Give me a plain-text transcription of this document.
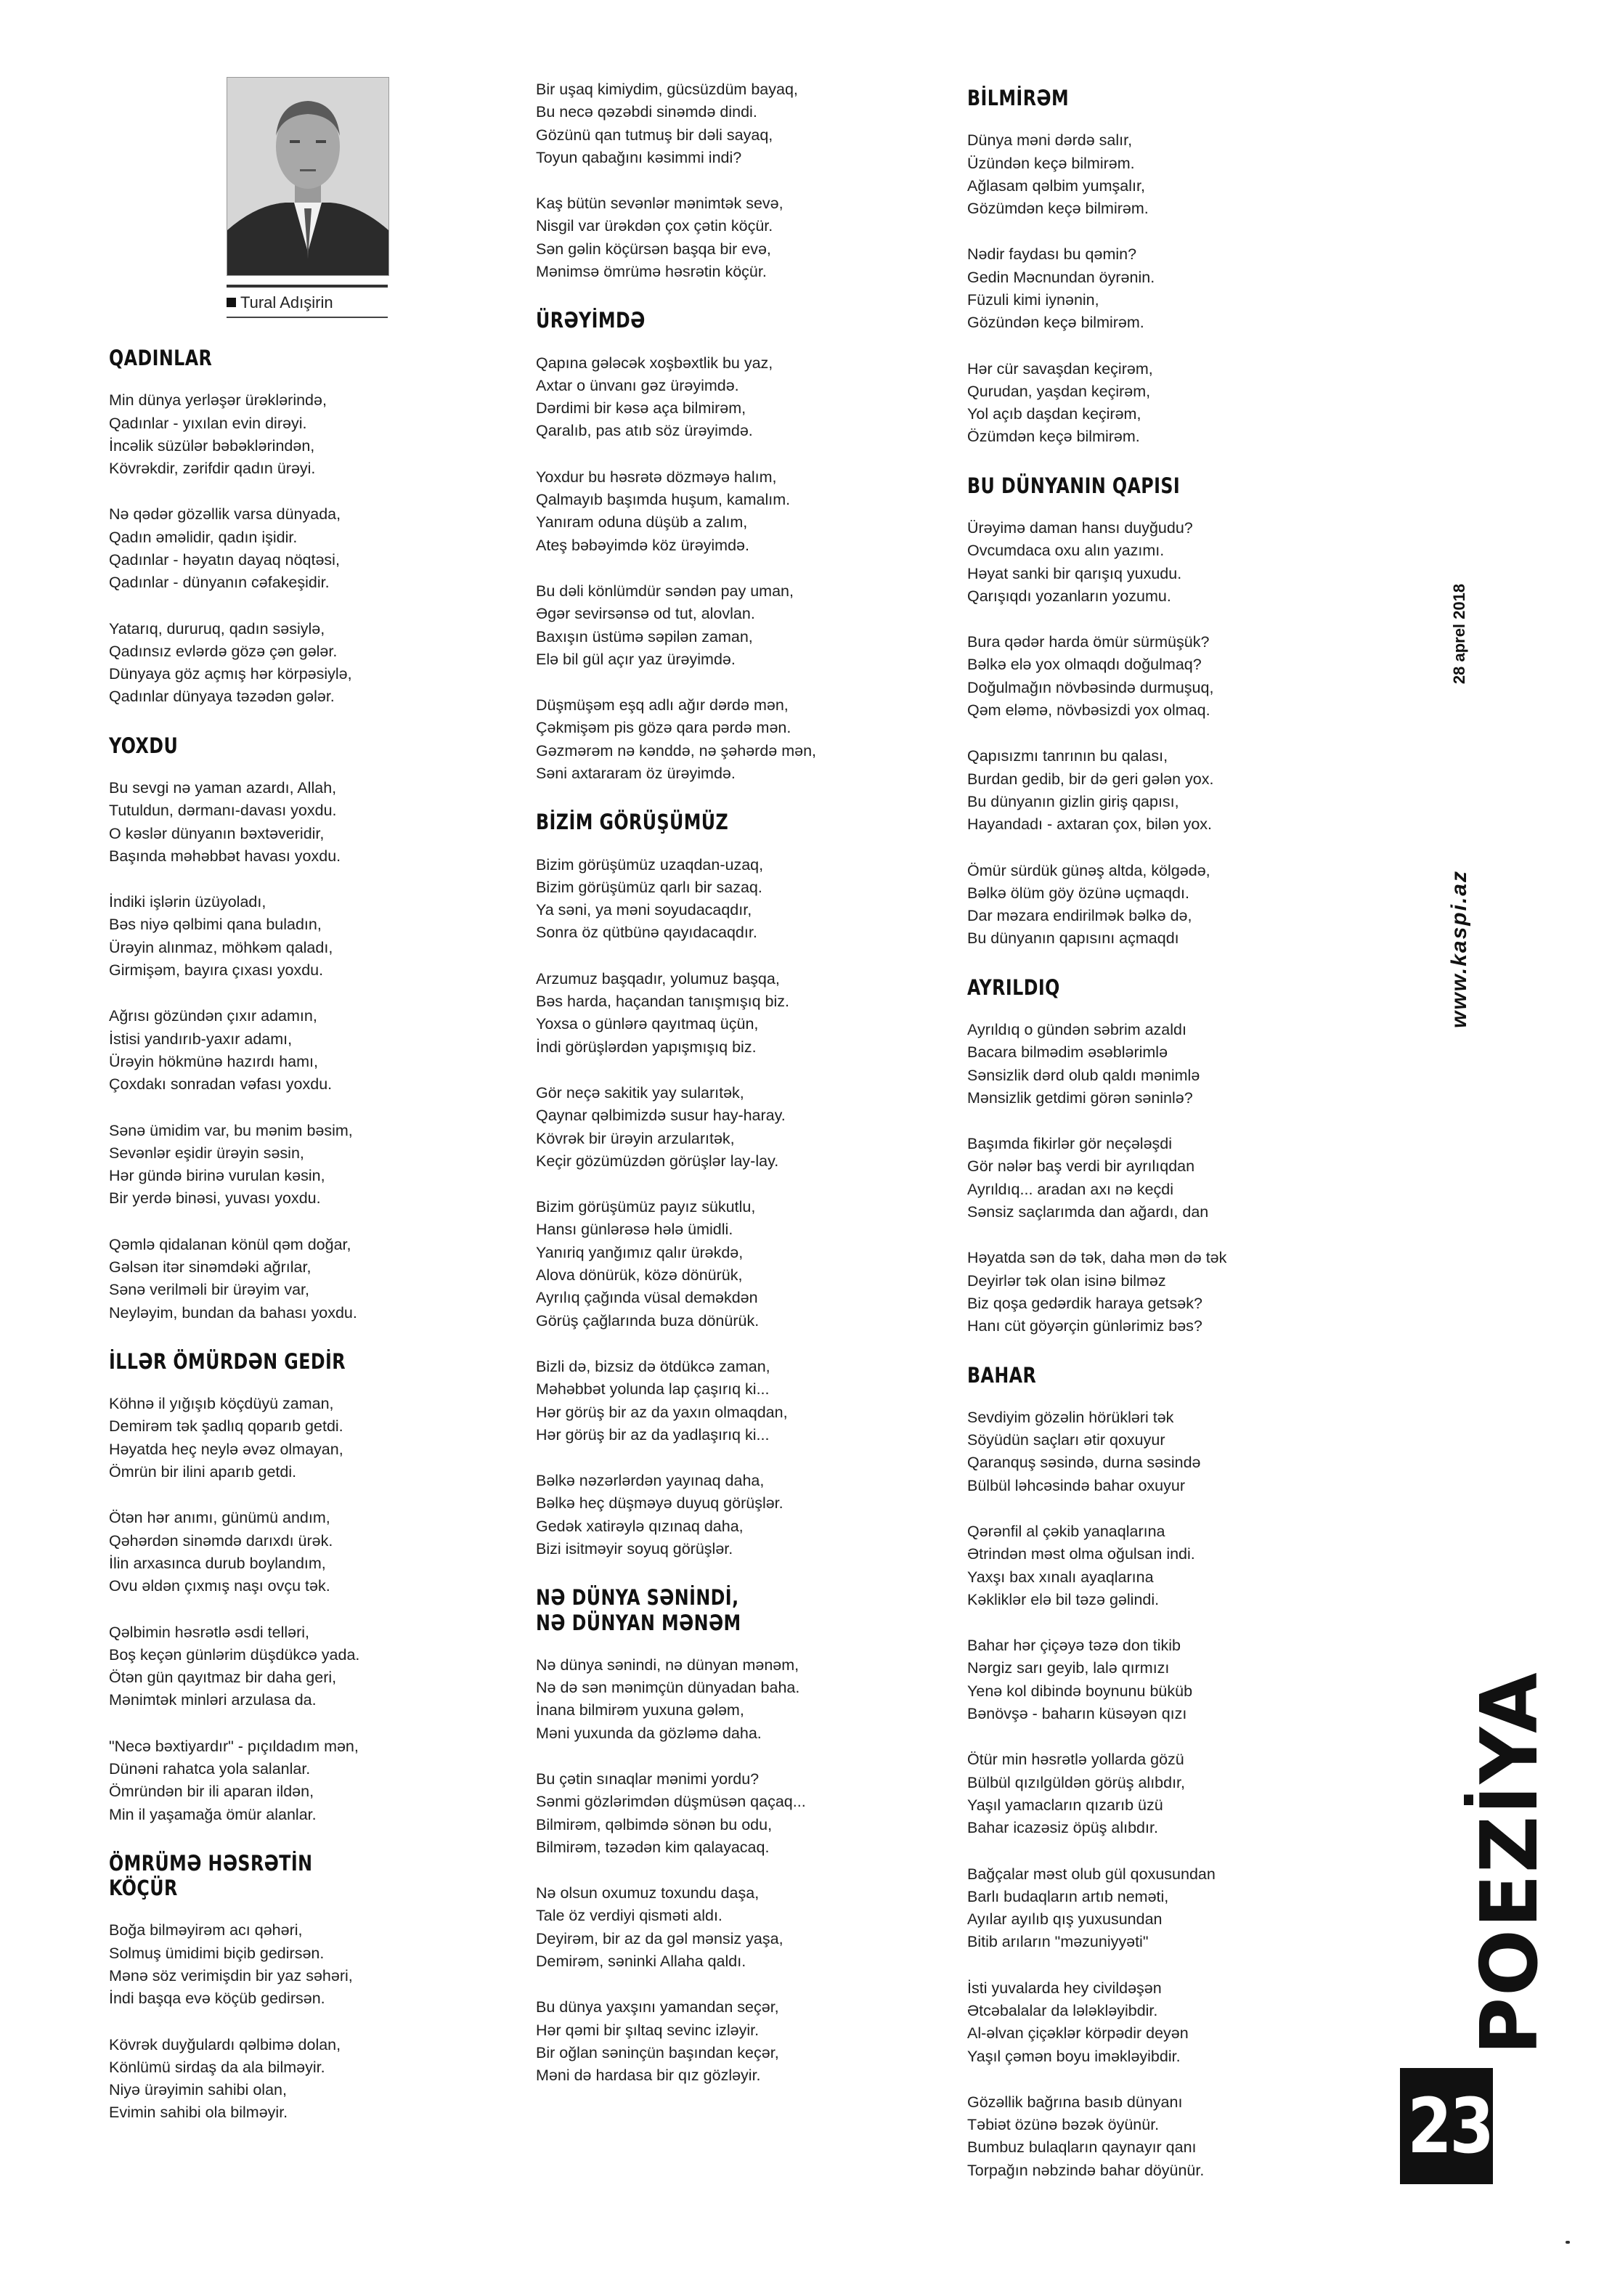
Tural Adışirin
QADINLAR
Min dünya yerləşər ürəklərində,
Qadınlar - yıxılan evin dirəyi.
İncəlik süzülər bəbəklərindən,
Kövrəkdir, zərifdir qadın ürəyi.
Nə qədər gözəllik varsa dünyada,
Qadın əməlidir, qadın işidir.
Qadınlar - həyatın dayaq nöqtəsi,
Qadınlar - dünyanın cəfakeşidir.
Yatarıq, dururuq, qadın səsiylə,
Qadınsız evlərdə gözə çən gələr.
Dünyaya göz açmış hər körpəsiylə,
Qadınlar dünyaya təzədən gələr.
YOXDU
Bu sevgi nə yaman azardı, Allah,
Tutuldun, dərmanı-davası yoxdu.
O kəslər dünyanın bəxtəveridir,
Başında məhəbbət havası yoxdu.
İndiki işlərin üzüyoladı,
Bəs niyə qəlbimi qana buladın,
Ürəyin alınmaz, möhkəm qaladı,
Girmişəm, bayıra çıxası yoxdu.
Ağrısı gözündən çıxır adamın,
İstisi yandırıb-yaxır adamı,
Ürəyin hökmünə hazırdı hamı,
Çoxdakı sonradan vəfası yoxdu.
Sənə ümidim var, bu mənim bəsim,
Sevənlər eşidir ürəyin səsin,
Hər gündə birinə vurulan kəsin,
Bir yerdə binəsi, yuvası yoxdu.
Qəmlə qidalanan könül qəm doğar,
Gəlsən itər sinəmdəki ağrılar,
Sənə verilməli bir ürəyim var,
Neyləyim, bundan da bahası yoxdu.
İLLƏR ÖMÜRDƏN GEDİR
Köhnə il yığışıb köçdüyü zaman,
Demirəm tək şadlıq qoparıb getdi.
Həyatda heç neylə əvəz olmayan,
Ömrün bir ilini aparıb getdi.
Ötən hər anımı, günümü andım,
Qəhərdən sinəmdə darıxdı ürək.
İlin arxasınca durub boylandım,
Ovu əldən çıxmış naşı ovçu tək.
Qəlbimin həsrətlə əsdi telləri,
Boş keçən günlərim düşdükcə yada.
Ötən gün qayıtmaz bir daha geri,
Mənimtək minləri arzulasa da.
"Necə bəxtiyardır" - pıçıldadım mən,
Dünəni rahatca yola salanlar.
Ömründən bir ili aparan ildən,
Min il yaşamağa ömür alanlar.
ÖMRÜMƏ HƏSRƏTİN KÖÇÜR
Boğa bilməyirəm acı qəhəri,
Solmuş ümidimi biçib gedirsən.
Mənə söz verimişdin bir yaz səhəri,
İndi başqa evə köçüb gedirsən.
Kövrək duyğulardı qəlbimə dolan,
Könlümü sirdaş da ala bilməyir.
Niyə ürəyimin sahibi olan,
Evimin sahibi ola bilməyir.
Bir uşaq kimiydim, gücsüzdüm bayaq,
Bu necə qəzəbdi sinəmdə dindi.
Gözünü qan tutmuş bir dəli sayaq,
Toyun qabağını kəsimmi indi?
Kaş bütün sevənlər mənimtək sevə,
Nisgil var ürəkdən çox çətin köçür.
Sən gəlin köçürsən başqa bir evə,
Mənimsə ömrümə həsrətin köçür.
ÜRƏYİMDƏ
Qapına gələcək xoşbəxtlik bu yaz,
Axtar o ünvanı gəz ürəyimdə.
Dərdimi bir kəsə aça bilmirəm,
Qaralıb, pas atıb söz ürəyimdə.
Yoxdur bu həsrətə dözməyə halım,
Qalmayıb başımda huşum, kamalım.
Yanıram oduna düşüb a zalım,
Ateş bəbəyimdə köz ürəyimdə.
Bu dəli könlümdür səndən pay uman,
Əgər sevirsənsə od tut, alovlan.
Baxışın üstümə səpilən zaman,
Elə bil gül açır yaz ürəyimdə.
Düşmüşəm eşq adlı ağır dərdə mən,
Çəkmişəm pis gözə qara pərdə mən.
Gəzmərəm nə kənddə, nə şəhərdə mən,
Səni axtararam öz ürəyimdə.
BİZİM GÖRÜŞÜMÜZ
Bizim görüşümüz uzaqdan-uzaq,
Bizim görüşümüz qarlı bir sazaq.
Ya səni, ya məni soyudacaqdır,
Sonra öz qütbünə qayıdacaqdır.
Arzumuz başqadır, yolumuz başqa,
Bəs harda, haçandan tanışmışıq biz.
Yoxsa o günlərə qayıtmaq üçün,
İndi görüşlərdən yapışmışıq biz.
Gör neçə sakitik yay sularıtək,
Qaynar qəlbimizdə susur hay-haray.
Kövrək bir ürəyin arzularıtək,
Keçir gözümüzdən görüşlər lay-lay.
Bizim görüşümüz payız sükutlu,
Hansı günlərəsə hələ ümidli.
Yanıriq yanğımız qalır ürəkdə,
Alova dönürük, közə dönürük,
Ayrılıq çağında vüsal deməkdən
Görüş çağlarında buza dönürük.
Bizli də, bizsiz də ötdükcə zaman,
Məhəbbət yolunda lap çaşırıq ki...
Hər görüş bir az da yaxın olmaqdan,
Hər görüş bir az da yadlaşırıq ki...
Bəlkə nəzərlərdən yayınaq daha,
Bəlkə heç düşməyə duyuq görüşlər.
Gedək xatirəylə qızınaq daha,
Bizi isitməyir soyuq görüşlər.
NƏ DÜNYA SƏNİNDİ,
NƏ DÜNYAN MƏNƏM
Nə dünya sənindi, nə dünyan mənəm,
Nə də sən mənimçün dünyadan baha.
İnana bilmirəm yuxuna gələm,
Məni yuxunda da gözləmə daha.
Bu çətin sınaqlar mənimi yordu?
Sənmi gözlərimdən düşmüsən qaçaq...
Bilmirəm, qəlbimdə sönən bu odu,
Bilmirəm, təzədən kim qalayacaq.
Nə olsun oxumuz toxundu daşa,
Tale öz verdiyi qisməti aldı.
Deyirəm, bir az da gəl mənsiz yaşa,
Demirəm, səninki Allaha qaldı.
Bu dünya yaxşını yamandan seçər,
Hər qəmi bir şıltaq sevinc izləyir.
Bir oğlan səninçün başından keçər,
Məni də hardasa bir qız gözləyir.
BİLMİRƏM
Dünya məni dərdə salır,
Üzündən keçə bilmirəm.
Ağlasam qəlbim yumşalır,
Gözümdən keçə bilmirəm.
Nədir faydası bu qəmin?
Gedin Məcnundan öyrənin.
Füzuli kimi iynənin,
Gözündən keçə bilmirəm.
Hər cür savaşdan keçirəm,
Qurudan, yaşdan keçirəm,
Yol açıb daşdan keçirəm,
Özümdən keçə bilmirəm.
BU DÜNYANIN QAPISI
Ürəyimə daman hansı duyğudu?
Ovcumdaca oxu alın yazımı.
Həyat sanki bir qarışıq yuxudu.
Qarışıqdı yozanların yozumu.
Bura qədər harda ömür sürmüşük?
Bəlkə elə yox olmaqdı doğulmaq?
Doğulmağın növbəsində durmuşuq,
Qəm eləmə, növbəsizdi yox olmaq.
Qapısızmı tanrının bu qalası,
Burdan gedib, bir də geri gələn yox.
Bu dünyanın gizlin giriş qapısı,
Hayandadı - axtaran çox, bilən yox.
Ömür sürdük günəş altda, kölgədə,
Bəlkə ölüm göy özünə uçmaqdı.
Dar məzara endirilmək bəlkə də,
Bu dünyanın qapısını açmaqdı
AYRILDIQ
Ayrıldıq o gündən səbrim azaldı
Bacara bilmədim əsəblərimlə
Sənsizlik dərd olub qaldı mənimlə
Mənsizlik getdimi görən səninlə?
Başımda fikirlər gör neçələşdi
Gör nələr baş verdi bir ayrılıqdan
Ayrıldıq... aradan axı nə keçdi
Sənsiz saçlarımda dan ağardı, dan
Həyatda sən də tək, daha mən də tək
Deyirlər tək olan isinə bilməz
Biz qoşa gedərdik haraya getsək?
Hanı cüt göyərçin günlərimiz bəs?
BAHAR
Sevdiyim gözəlin hörükləri tək
Söyüdün saçları ətir qoxuyur
Qaranquş səsində, durna səsində
Bülbül ləhcəsində bahar oxuyur
Qərənfil al çəkib yanaqlarına
Ətrindən məst olma oğulsan indi.
Yaxşı bax xınalı ayaqlarına
Kəkliklər elə bil təzə gəlindi.
Bahar hər çiçəyə təzə don tikib
Nərgiz sarı geyib, lalə qırmızı
Yenə kol dibində boynunu büküb
Bənövşə - baharın küsəyən qızı
Ötür min həsrətlə yollarda gözü
Bülbül qızılgüldən görüş alıbdır,
Yaşıl yamacların qızarıb üzü
Bahar icazəsiz öpüş alıbdır.
Bağçalar məst olub gül qoxusundan
Barlı budaqların artıb neməti,
Ayılar ayılıb qış yuxusundan
Bitib arıların "məzuniyyəti"
İsti yuvalarda hey civildəşən
Ətcəbalalar da lələkləyibdir.
Al-əlvan çiçəklər körpədir deyən
Yaşıl çəmən boyu iməkləyibdir.
Gözəllik bağrına basıb dünyanı
Təbiət özünə bəzək öyünür.
Bumbuz bulaqların qaynayır qanı
Torpağın nəbzində bahar döyünür.
28 aprel 2018
www.kaspi.az
POEZİYA
23
